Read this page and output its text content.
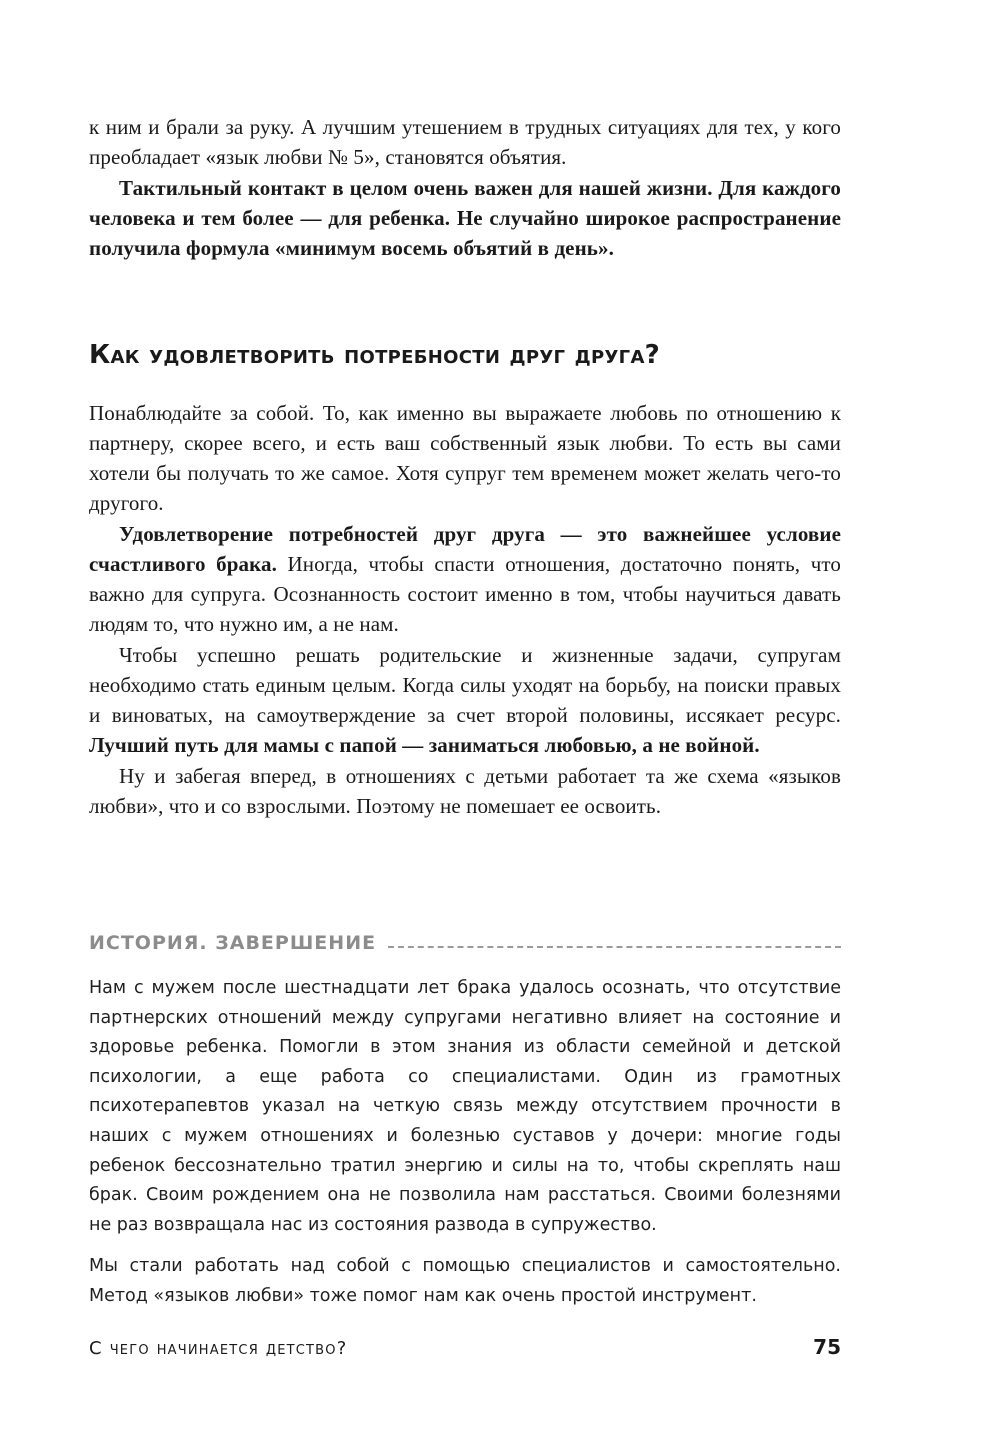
к ним и брали за руку. А лучшим утешением в трудных ситуациях для тех, у кого преобладает «язык любви № 5», становятся объятия.

Тактильный контакт в целом очень важен для нашей жизни. Для каждого человека и тем более — для ребенка. Не случайно широкое распространение получила формула «минимум восемь объятий в день».

Как удовлетворить потребности друг друга?

Понаблюдайте за собой. То, как именно вы выражаете любовь по отношению к партнеру, скорее всего, и есть ваш собственный язык любви. То есть вы сами хотели бы получать то же самое. Хотя супруг тем временем может желать чего-то другого.

Удовлетворение потребностей друг друга — это важнейшее условие счастливого брака. Иногда, чтобы спасти отношения, достаточно понять, что важно для супруга. Осознанность состоит именно в том, чтобы научиться давать людям то, что нужно им, а не нам.

Чтобы успешно решать родительские и жизненные задачи, супругам необходимо стать единым целым. Когда силы уходят на борьбу, на поиски правых и виноватых, на самоутверждение за счет второй половины, иссякает ресурс. Лучший путь для мамы с папой — заниматься любовью, а не войной.

Ну и забегая вперед, в отношениях с детьми работает та же схема «языков любви», что и со взрослыми. Поэтому не помешает ее освоить.

ИСТОРИЯ. ЗАВЕРШЕНИЕ

Нам с мужем после шестнадцати лет брака удалось осознать, что отсутствие партнерских отношений между супругами негативно влияет на состояние и здоровье ребенка. Помогли в этом знания из области семейной и детской психологии, а еще работа со специалистами. Один из грамотных психотерапевтов указал на четкую связь между отсутствием прочности в наших с мужем отношениях и болезнью суставов у дочери: многие годы ребенок бессознательно тратил энергию и силы на то, чтобы скреплять наш брак. Своим рождением она не позволила нам расстаться. Своими болезнями не раз возвращала нас из состояния развода в супружество.

Мы стали работать над собой с помощью специалистов и самостоятельно. Метод «языков любви» тоже помог нам как очень простой инструмент.

С чего начинается детство?	75
